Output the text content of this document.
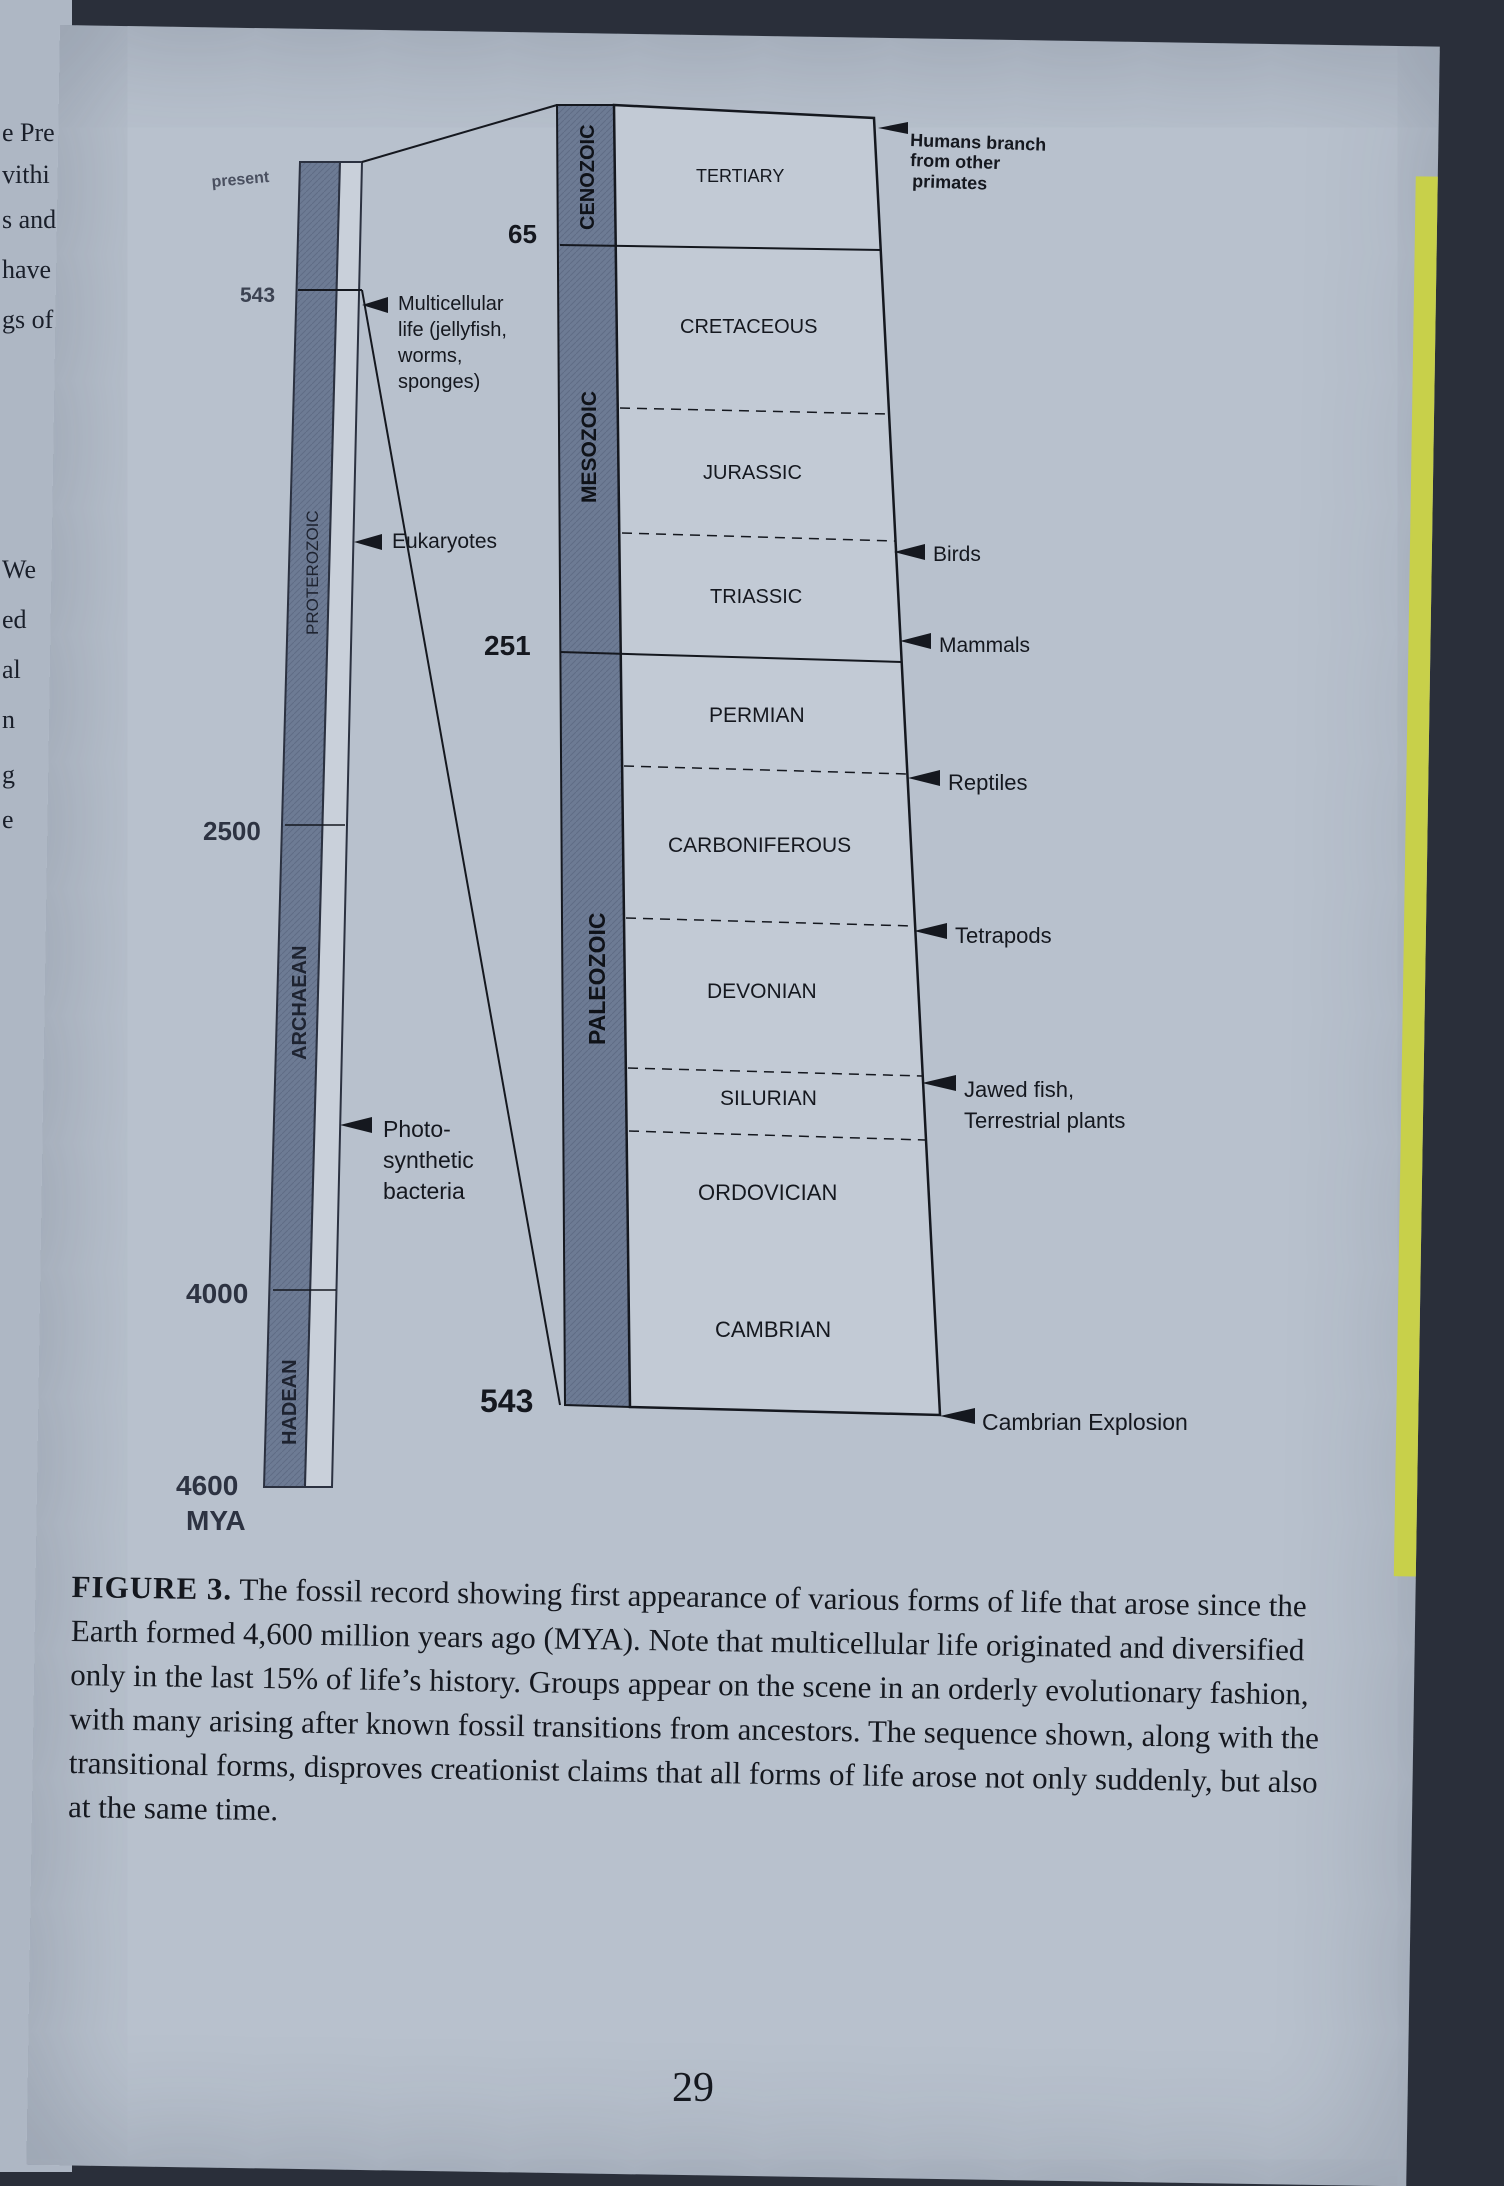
e Pre
vithi
s and
have
gs of
We
ed
al
n
g
e
present
543
2500
4000
4600
MYA
PROTEROZOIC
ARCHAEAN
HADEAN
Multicellular
life (jellyfish,
worms,
sponges)
Eukaryotes
Photo-
synthetic
bacteria
65
251
543
CENOZOIC
MESOZOIC
PALEOZOIC
TERTIARY
CRETACEOUS
JURASSIC
TRIASSIC
PERMIAN
CARBONIFEROUS
DEVONIAN
SILURIAN
ORDOVICIAN
CAMBRIAN
Humans branch
from other
primates
Birds
Mammals
Reptiles
Tetrapods
Jawed fish,
Terrestrial plants
Cambrian Explosion
FIGURE 3. The fossil record showing first appearance of various forms of life that arose since the Earth formed 4,600 million years ago (MYA). Note that multicellular life originated and diversified only in the last 15% of life’s history. Groups appear on the scene in an orderly evolutionary fashion, with many arising after known fossil transitions from ancestors. The sequence shown, along with the transitional forms, disproves creationist claims that all forms of life arose not only suddenly, but also at the same time.
29
